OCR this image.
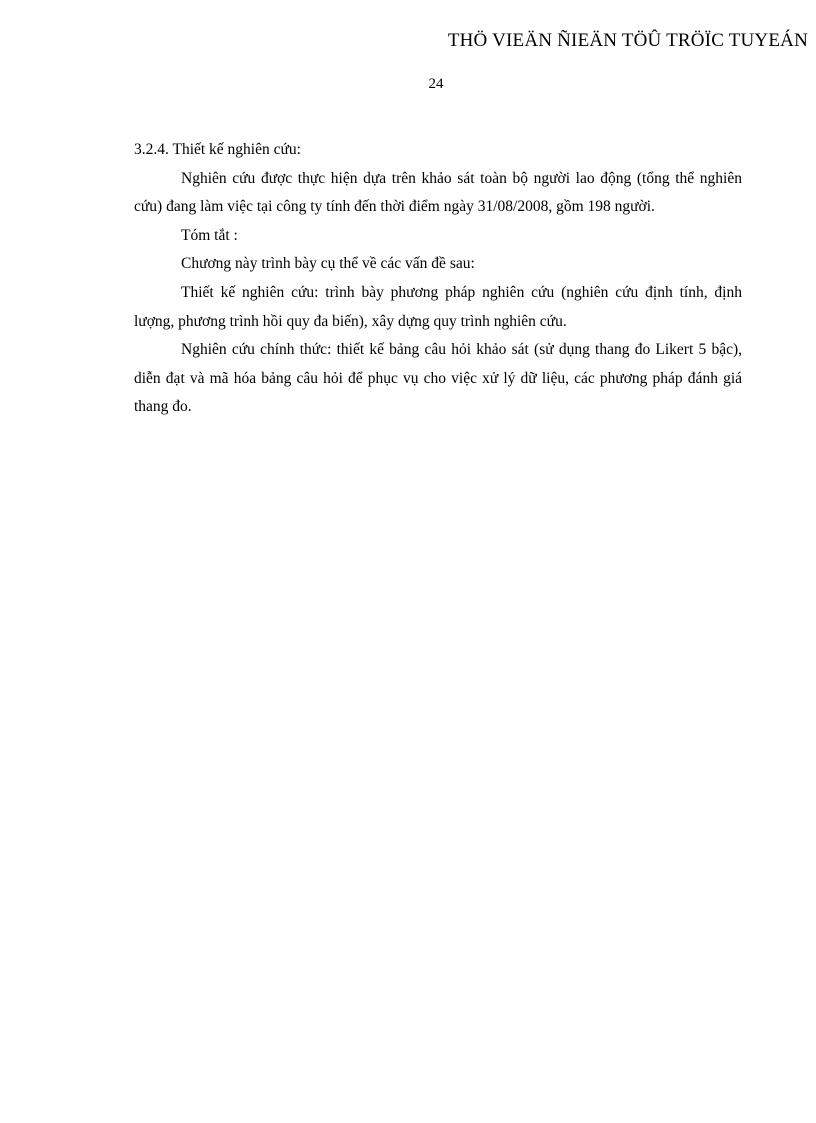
THÖ VIEÄN ÑIEÄN TÖÛ TRÖÏC TUYEÁN
24

3.2.4. Thiết kế nghiên cứu:

Nghiên cứu được thực hiện dựa trên khảo sát toàn bộ người lao động (tổng thể nghiên cứu) đang làm việc tại công ty tính đến thời điểm ngày 31/08/2008, gồm 198 người.

Tóm tắt :

Chương này trình bày cụ thể về các vấn đề sau:

Thiết kế nghiên cứu: trình bày phương pháp nghiên cứu (nghiên cứu định tính, định lượng, phương trình hồi quy đa biến), xây dựng quy trình nghiên cứu.

Nghiên cứu chính thức: thiết kế bảng câu hỏi khảo sát (sử dụng thang đo Likert 5 bậc), diễn đạt và mã hóa bảng câu hỏi để phục vụ cho việc xử lý dữ liệu, các phương pháp đánh giá thang đo.
